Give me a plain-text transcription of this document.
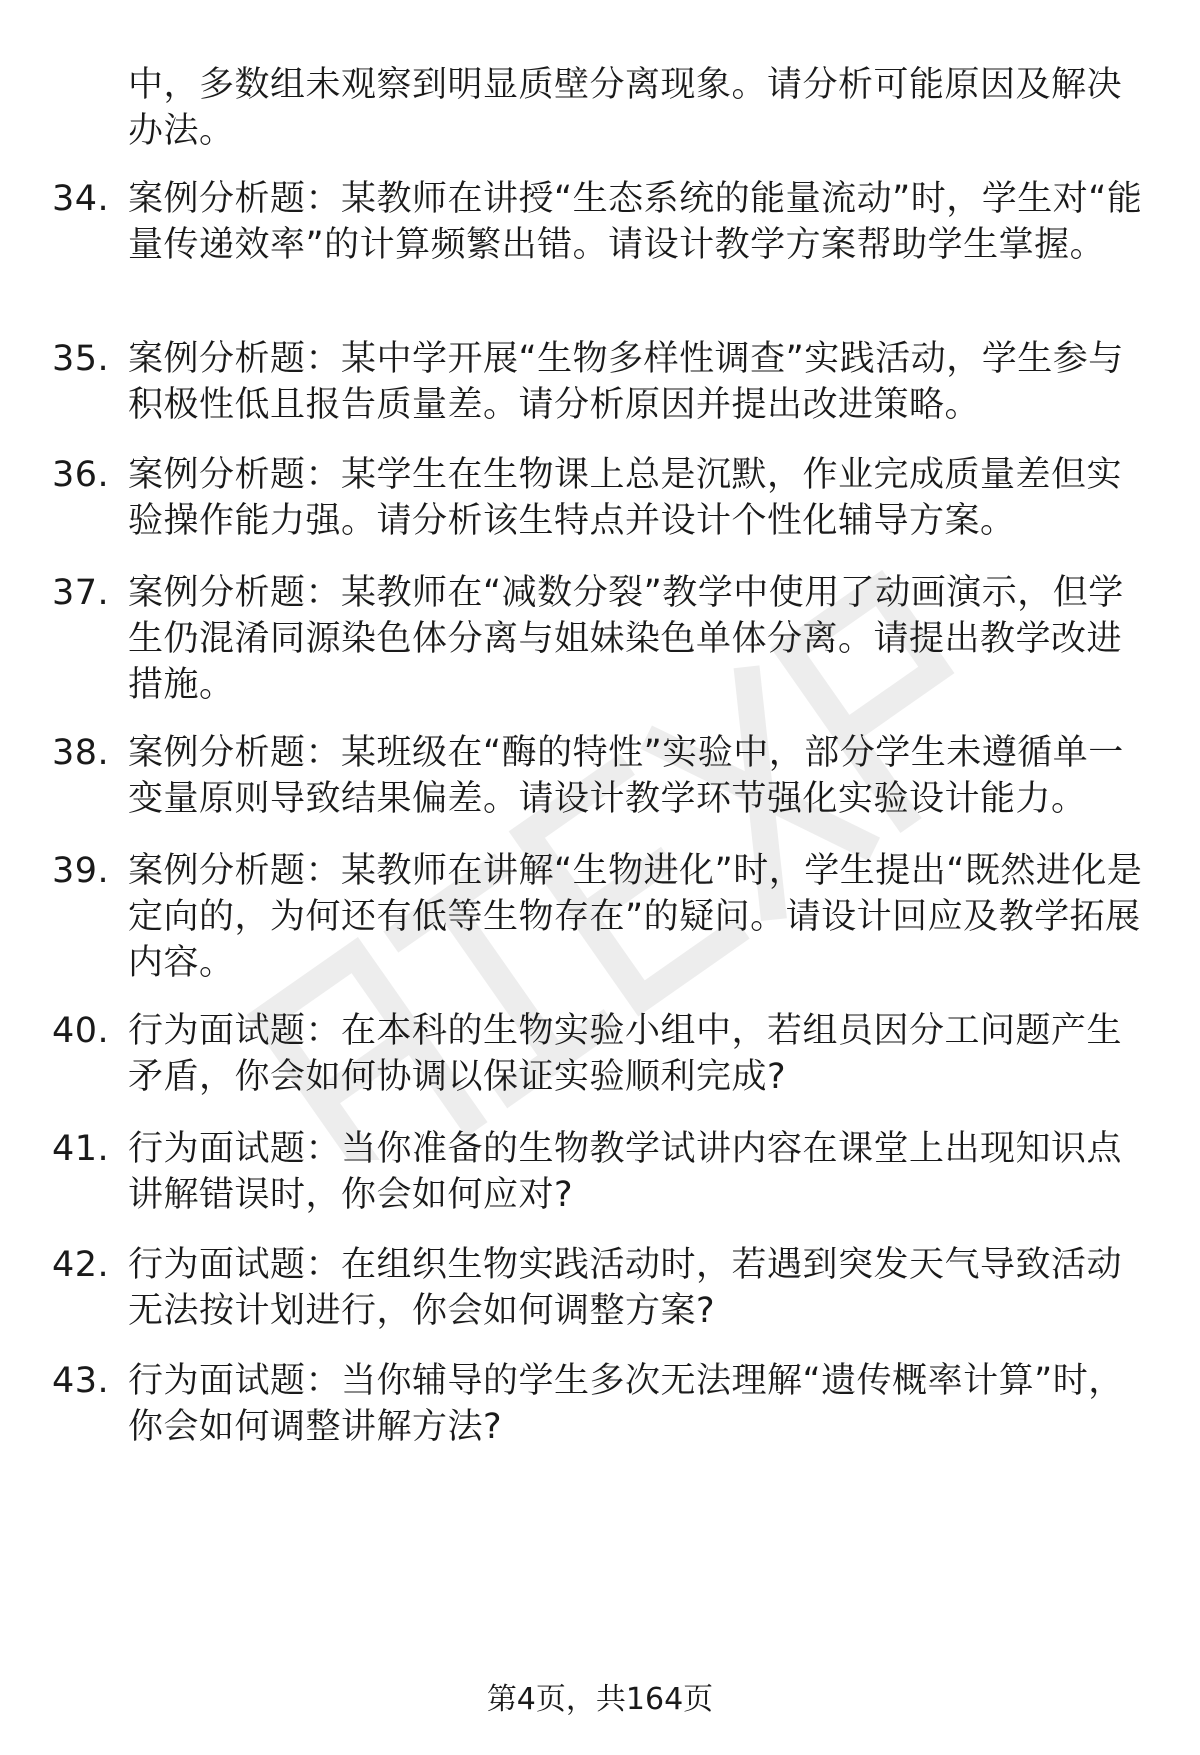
中，多数组未观察到明显质壁分离现象。请分析可能原因及解决办法。
34. 案例分析题：某教师在讲授“生态系统的能量流动”时，学生对“能量传递效率”的计算频繁出错。请设计教学方案帮助学生掌握。
35. 案例分析题：某中学开展“生物多样性调查”实践活动，学生参与积极性低且报告质量差。请分析原因并提出改进策略。
36. 案例分析题：某学生在生物课上总是沉默，作业完成质量差但实验操作能力强。请分析该生特点并设计个性化辅导方案。
37. 案例分析题：某教师在“减数分裂”教学中使用了动画演示，但学生仍混淆同源染色体分离与姐妹染色单体分离。请提出教学改进措施。
38. 案例分析题：某班级在“酶的特性”实验中，部分学生未遵循单一变量原则导致结果偏差。请设计教学环节强化实验设计能力。
39. 案例分析题：某教师在讲解“生物进化”时，学生提出“既然进化是定向的，为何还有低等生物存在”的疑问。请设计回应及教学拓展内容。
40. 行为面试题：在本科的生物实验小组中，若组员因分工问题产生矛盾，你会如何协调以保证实验顺利完成?
41. 行为面试题：当你准备的生物教学试讲内容在课堂上出现知识点讲解错误时，你会如何应对?
42. 行为面试题：在组织生物实践活动时，若遇到突发天气导致活动无法按计划进行，你会如何调整方案?
43. 行为面试题：当你辅导的学生多次无法理解“遗传概率计算”时，你会如何调整讲解方法?
第4页，共164页
